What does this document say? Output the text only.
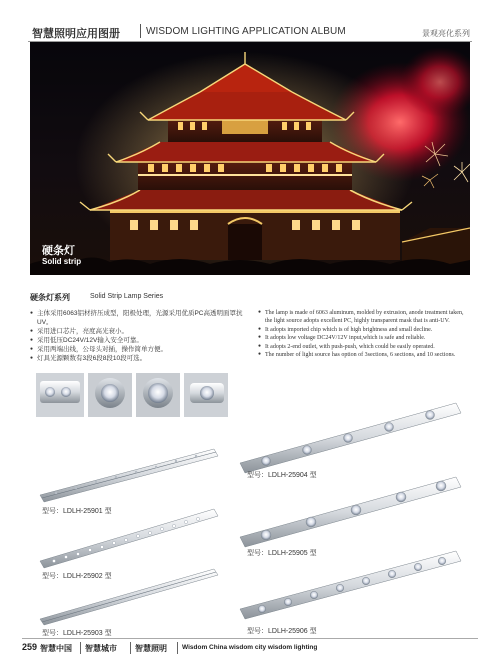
智慧照明应用图册	WISDOM LIGHTING APPLICATION ALBUM	景观亮化系列
硬条灯
Solid strip
硬条灯系列	Solid Strip Lamp Series
● 主体采用6063铝材挤压成型，阳极处理，光源采用优质PC高透明面罩抗UV。
● 采用进口芯片，亮度高光衰小。
● 采用低压DC24V/12V输入安全可靠。
● 采用两端出线，公母头对插，操作简单方便。
● 灯具光源颗数有3段6段8段10段可选。
● The lamp is made of 6063 aluminum, molded by extrusion, anode treatment taken, the light source adopts excellent PC, highly transparent mask that is anti-UV.
● It adopts imported chip which is of high brightness and small decline.
● It adopts low voltage DC24V/12V input,which is safe and reliable.
● It adopts 2-end outlet, with push-push, which could be easily operated.
● The number of light source has option of 3sections, 6 sections, and 10 sections.
型号：LDLH-25901 型
型号：LDLH-25902 型
型号：LDLH-25903 型
型号：LDLH-25904 型
型号：LDLH-25905 型
型号：LDLH-25906 型
259 智慧中国 智慧城市 智慧照明 Wisdom China wisdom city wisdom lighting
